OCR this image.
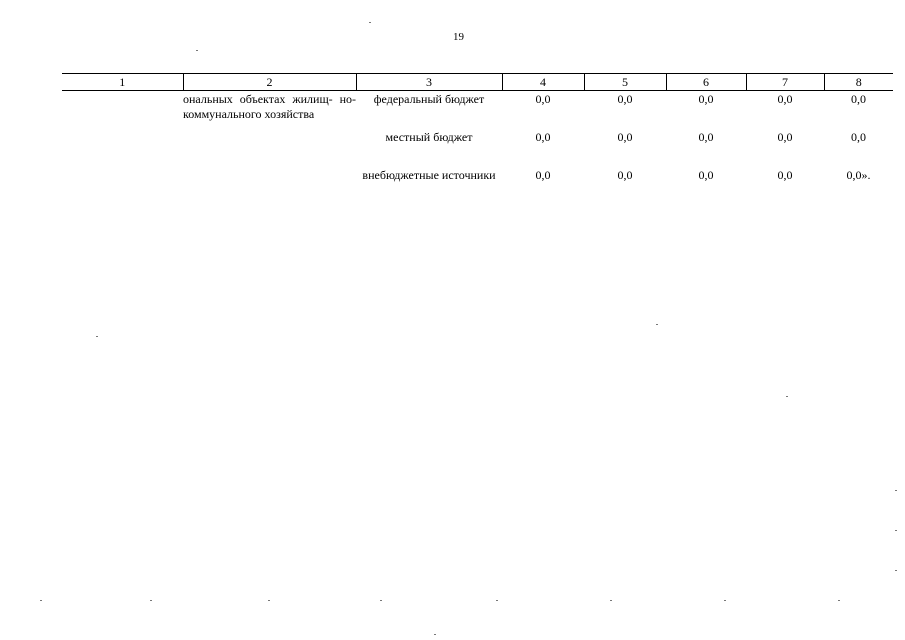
19
1	2	3	4	5	6	7	8
	ональных объектах жилищ- но-коммунального хозяйства	федеральный бюджет	0,0	0,0	0,0	0,0	0,0
		местный бюджет	0,0	0,0	0,0	0,0	0,0
		внебюджетные источники	0,0	0,0	0,0	0,0	0,0».
